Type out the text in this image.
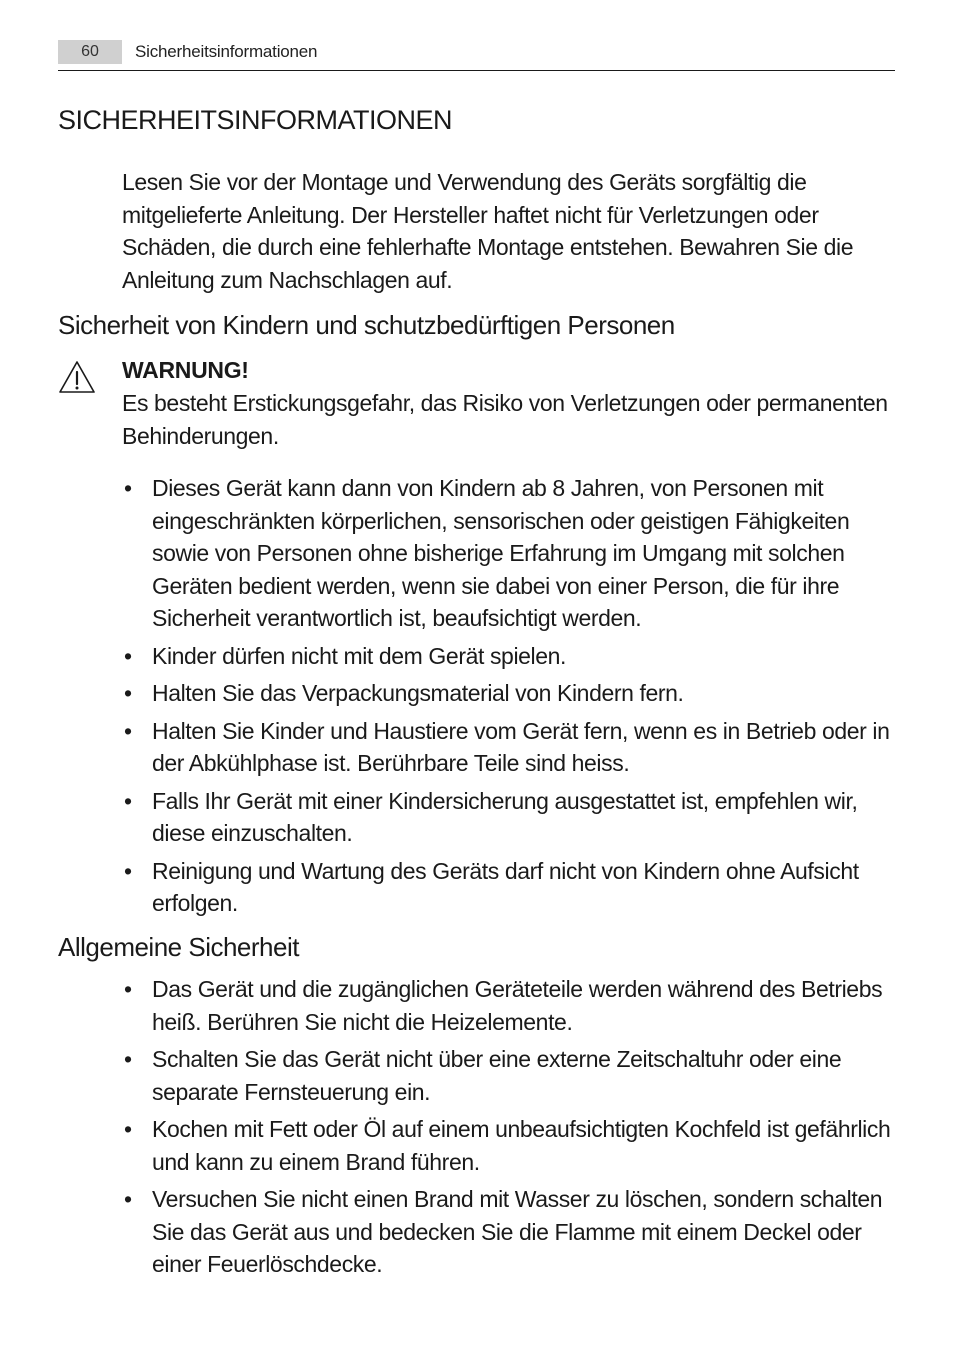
60	Sicherheitsinformationen
SICHERHEITSINFORMATIONEN

Lesen Sie vor der Montage und Verwendung des Geräts sorgfältig die mitgelieferte Anleitung. Der Hersteller haftet nicht für Verletzungen oder Schäden, die durch eine fehlerhafte Montage entstehen. Bewahren Sie die Anleitung zum Nachschlagen auf.

Sicherheit von Kindern und schutzbedürftigen Personen
WARNUNG!

Es besteht Erstickungsgefahr, das Risiko von Verletzungen oder permanenten Behinderungen.

• Dieses Gerät kann dann von Kindern ab 8 Jahren, von Personen mit eingeschränkten körperlichen, sensorischen oder geistigen Fähigkeiten sowie von Personen ohne bisherige Erfahrung im Umgang mit solchen Geräten bedient werden, wenn sie dabei von einer Person, die für ihre Sicherheit verantwortlich ist, beaufsichtigt werden.
• Kinder dürfen nicht mit dem Gerät spielen.
• Halten Sie das Verpackungsmaterial von Kindern fern.
• Halten Sie Kinder und Haustiere vom Gerät fern, wenn es in Betrieb oder in der Abkühlphase ist. Berührbare Teile sind heiss.
• Falls Ihr Gerät mit einer Kindersicherung ausgestattet ist, empfehlen wir, diese einzuschalten.
• Reinigung und Wartung des Geräts darf nicht von Kindern ohne Aufsicht erfolgen.
Allgemeine Sicherheit
• Das Gerät und die zugänglichen Geräteteile werden während des Betriebs heiß. Berühren Sie nicht die Heizelemente.
• Schalten Sie das Gerät nicht über eine externe Zeitschaltuhr oder eine separate Fernsteuerung ein.
• Kochen mit Fett oder Öl auf einem unbeaufsichtigten Kochfeld ist gefährlich und kann zu einem Brand führen.
• Versuchen Sie nicht einen Brand mit Wasser zu löschen, sondern schalten Sie das Gerät aus und bedecken Sie die Flamme mit einem Deckel oder einer Feuerlöschdecke.
